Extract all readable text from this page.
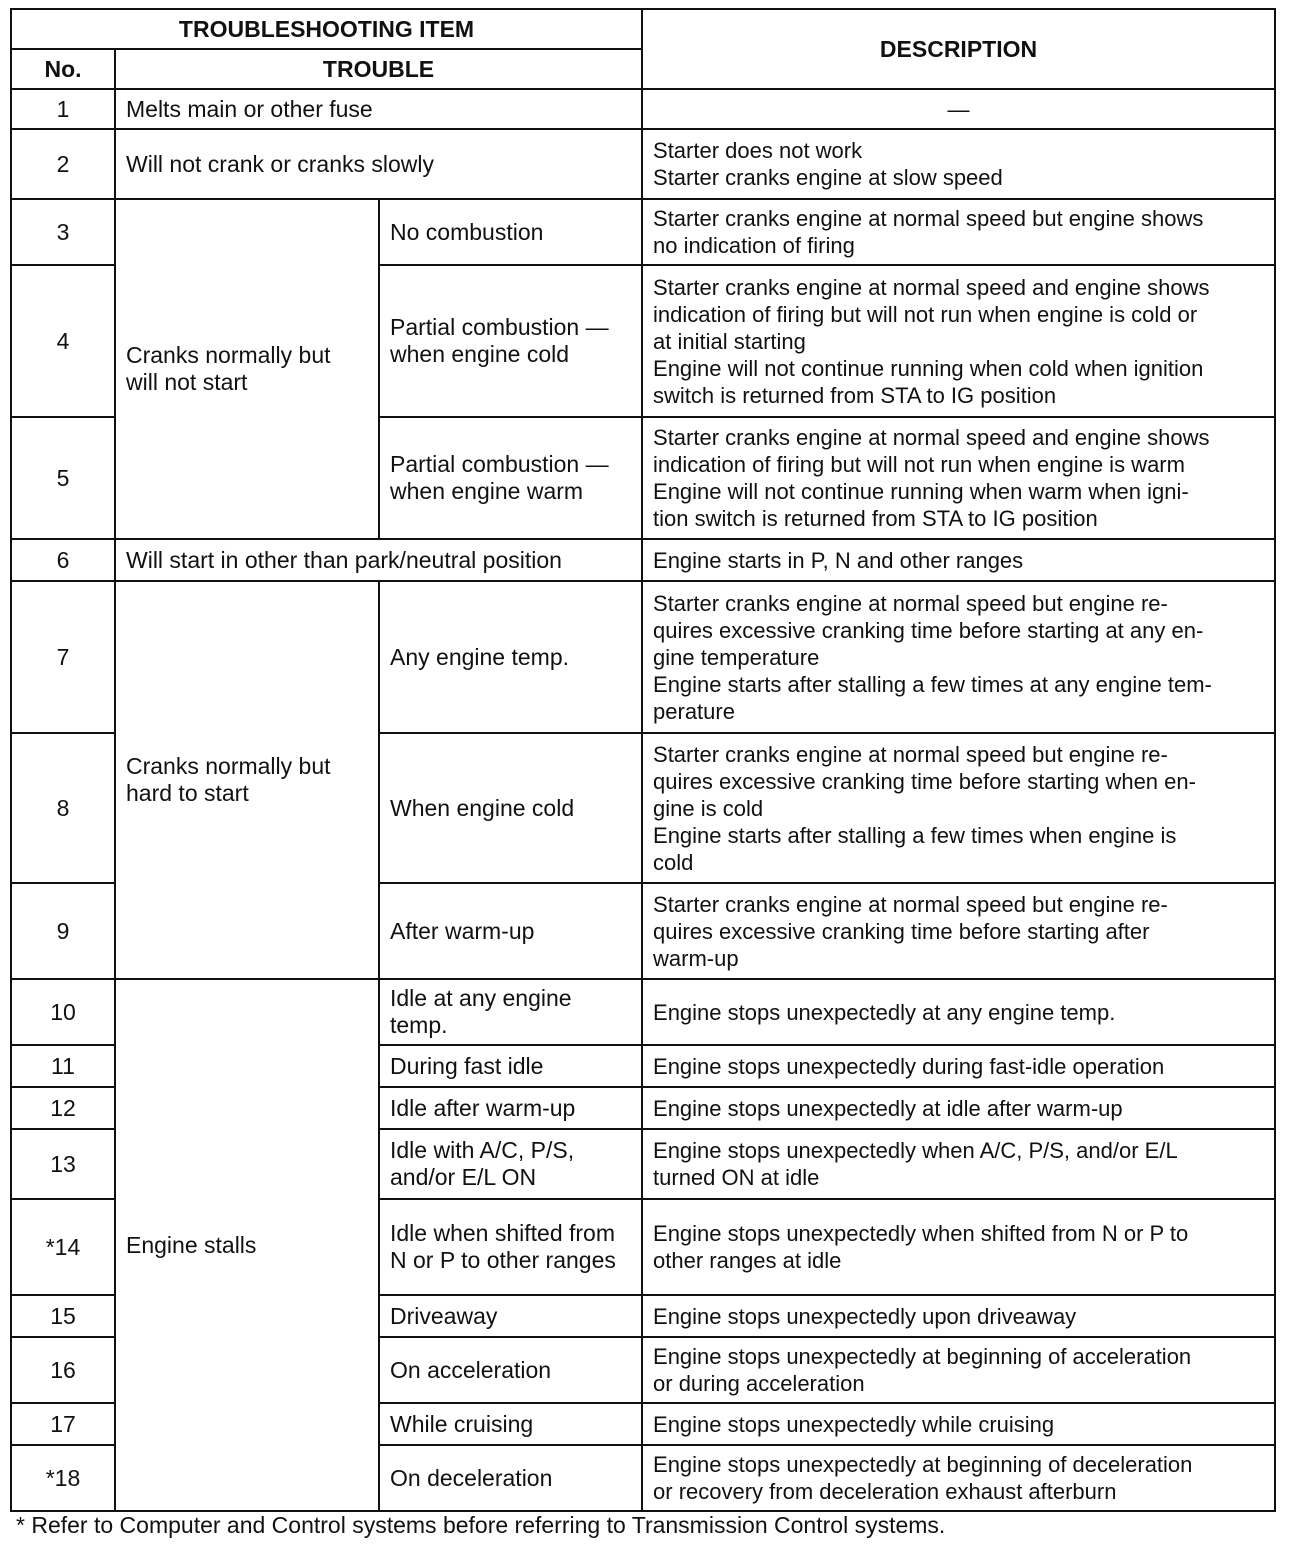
TROUBLESHOOTING ITEM			DESCRIPTION
No.	TROUBLE		
1	Melts main or other fuse		—

2	Will not crank or cranks slowly		Starter does not work
Starter cranks engine at slow speed

3	Cranks normally but will not start	No combustion	Starter cranks engine at normal speed but engine shows
no indication of firing

4		Partial combustion — when engine cold	Starter cranks engine at normal speed and engine shows
indication of firing but will not run when engine is cold or
at initial starting
Engine will not continue running when cold when ignition
switch is returned from STA to IG position

5		Partial combustion — when engine warm	Starter cranks engine at normal speed and engine shows
indication of firing but will not run when engine is warm
Engine will not continue running when warm when igni-
tion switch is returned from STA to IG position

6	Will start in other than park/neutral position		Engine starts in P, N and other ranges

7	Cranks normally but hard to start	Any engine temp.	Starter cranks engine at normal speed but engine re-
quires excessive cranking time before starting at any en-
gine temperature
Engine starts after stalling a few times at any engine tem-
perature

8		When engine cold	Starter cranks engine at normal speed but engine re-
quires excessive cranking time before starting when en-
gine is cold
Engine starts after stalling a few times when engine is
cold

9		After warm-up	Starter cranks engine at normal speed but engine re-
quires excessive cranking time before starting after
warm-up

10	Engine stalls	Idle at any engine temp.	Engine stops unexpectedly at any engine temp.

11		During fast idle	Engine stops unexpectedly during fast-idle operation

12		Idle after warm-up	Engine stops unexpectedly at idle after warm-up

13		Idle with A/C, P/S, and/or E/L ON	Engine stops unexpectedly when A/C, P/S, and/or E/L
turned ON at idle

*14		Idle when shifted from N or P to other ranges	Engine stops unexpectedly when shifted from N or P to
other ranges at idle

15		Driveaway	Engine stops unexpectedly upon driveaway

16		On acceleration	Engine stops unexpectedly at beginning of acceleration
or during acceleration

17		While cruising	Engine stops unexpectedly while cruising

*18		On deceleration	Engine stops unexpectedly at beginning of deceleration
or recovery from deceleration exhaust afterburn
* Refer to Computer and Control systems before referring to Transmission Control systems.
